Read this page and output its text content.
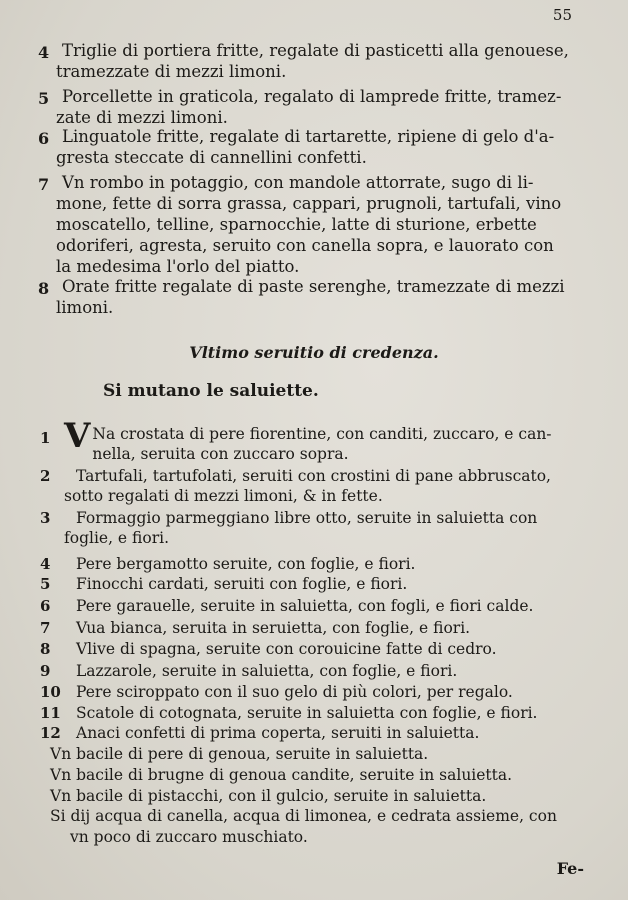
55
4 Triglie di portiera fritte, regalate di pasticetti alla genouese,
tramezzate di mezzi limoni.
5 Porcellette in graticola, regalato di lamprede fritte, tramez-
zate di mezzi limoni.
6 Linguatole fritte, regalate di tartarette, ripiene di gelo d'a-
gresta steccate di cannellini confetti.
7 Vn rombo in potaggio, con mandole attorrate, sugo di li-
mone, fette di sorra grassa, cappari, prugnoli, tartufali, vino
moscatello, telline, sparnocchie, latte di sturione, erbette
odoriferi, agresta, seruito con canella sopra, e lauorato con
la medesima l'orlo del piatto.
8 Orate fritte regalate di paste serenghe, tramezzate di mezzi
limoni.
Vltimo seruitio di credenza.
Si mutano le saluiette.
1 V Na crostata di pere fiorentine, con canditi, zuccaro, e can-
nella, seruita con zuccaro sopra.
2 Tartufali, tartufolati, seruiti con crostini di pane abbruscato,
sotto regalati di mezzi limoni, & in fette.
3 Formaggio parmeggiano libre otto, seruite in saluietta con
foglie, e fiori.
4 Pere bergamotto seruite, con foglie, e fiori.
5 Finocchi cardati, seruiti con foglie, e fiori.
6 Pere garauelle, seruite in saluietta, con fogli, e fiori calde.
7 Vua bianca, seruita in seruietta, con foglie, e fiori.
8 Vlive di spagna, seruite con corouicine fatte di cedro.
9 Lazzarole, seruite in saluietta, con foglie, e fiori.
10 Pere sciroppato con il suo gelo di più colori, per regalo.
11 Scatole di cotognata, seruite in saluietta con foglie, e fiori.
12 Anaci confetti di prima coperta, seruiti in saluietta.
Vn bacile di pere di genoua, seruite in saluietta.
Vn bacile di brugne di genoua candite, seruite in saluietta.
Vn bacile di pistacchi, con il gulcio, seruite in saluietta.
Si dij acqua di canella, acqua di limonea, e cedrata assieme, con
vn poco di zuccaro muschiato.
Fe-
